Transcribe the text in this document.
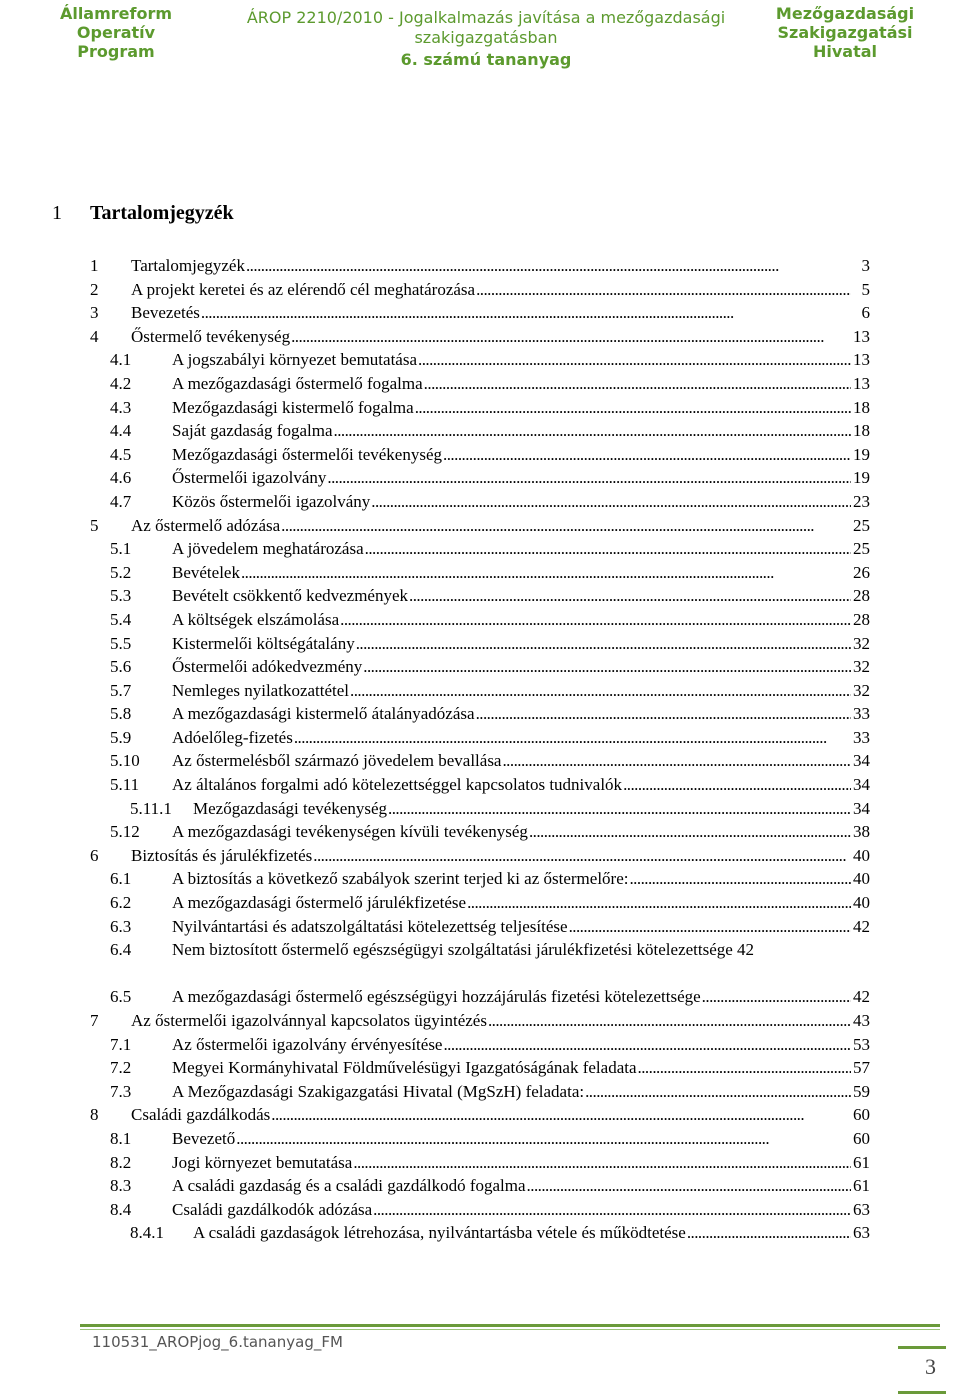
Államreform
Operatív
Program
ÁROP 2210/2010 - Jogalkalmazás javítása a mezőgazdasági
szakigazgatásban
6. számú tananyag
Mezőgazdasági
Szakigazgatási
Hivatal
1 Tartalomjegyzék
1 Tartalomjegyzék . . .	3
2 A projekt keretei és az elérendő cél meghatározása . . .	5
3 Bevezetés . . .	6
4 Őstermelő tevékenység . . .	13
4.1 A jogszabályi környezet bemutatása . . .	13
4.2 A mezőgazdasági őstermelő fogalma . . .	13
4.3 Mezőgazdasági kistermelő fogalma . . .	18
4.4 Saját gazdaság fogalma . . .	18
4.5 Mezőgazdasági őstermelői tevékenység . . .	19
4.6 Őstermelői igazolvány . . .	19
4.7 Közös őstermelői igazolvány . . .	23
5 Az őstermelő adózása . . .	25
5.1 A jövedelem meghatározása . . .	25
5.2 Bevételek . . .	26
5.3 Bevételt csökkentő kedvezmények . . .	28
5.4 A költségek elszámolása . . .	28
5.5 Kistermelői költségátalány . . .	32
5.6 Őstermelői adókedvezmény . . .	32
5.7 Nemleges nyilatkozattétel . . .	32
5.8 A mezőgazdasági kistermelő átalányadózása . . .	33
5.9 Adóelőleg-fizetés . . .	33
5.10 Az őstermelésből származó jövedelem bevallása . . .	34
5.11 Az általános forgalmi adó kötelezettséggel kapcsolatos tudnivalók . . .	34
5.11.1 Mezőgazdasági tevékenység . . .	34
5.12 A mezőgazdasági tevékenységen kívüli tevékenység . . .	38
6 Biztosítás és járulékfizetés . . .	40
6.1 A biztosítás a következő szabályok szerint terjed ki az őstermelőre: . . .	40
6.2 A mezőgazdasági őstermelő járulékfizetése . . .	40
6.3 Nyilvántartási és adatszolgáltatási kötelezettség teljesítése . . .	42
6.4 Nem biztosított őstermelő egészségügyi szolgáltatási járulékfizetési kötelezettsége 42
6.5 A mezőgazdasági őstermelő egészségügyi hozzájárulás fizetési kötelezettsége . . .	42
7 Az őstermelői igazolvánnyal kapcsolatos ügyintézés . . .	43
7.1 Az őstermelői igazolvány érvényesítése . . .	53
7.2 Megyei Kormányhivatal Földművelésügyi Igazgatóságának feladata . . .	57
7.3 A Mezőgazdasági Szakigazgatási Hivatal (MgSzH) feladata: . . .	59
8 Családi gazdálkodás . . .	60
8.1 Bevezető . . .	60
8.2 Jogi környezet bemutatása . . .	61
8.3 A családi gazdaság és a családi gazdálkodó fogalma . . .	61
8.4 Családi gazdálkodók adózása . . .	63
8.4.1 A családi gazdaságok létrehozása, nyilvántartásba vétele és működtetése . . .	63
110531_AROPjog_6.tananyag_FM
3
